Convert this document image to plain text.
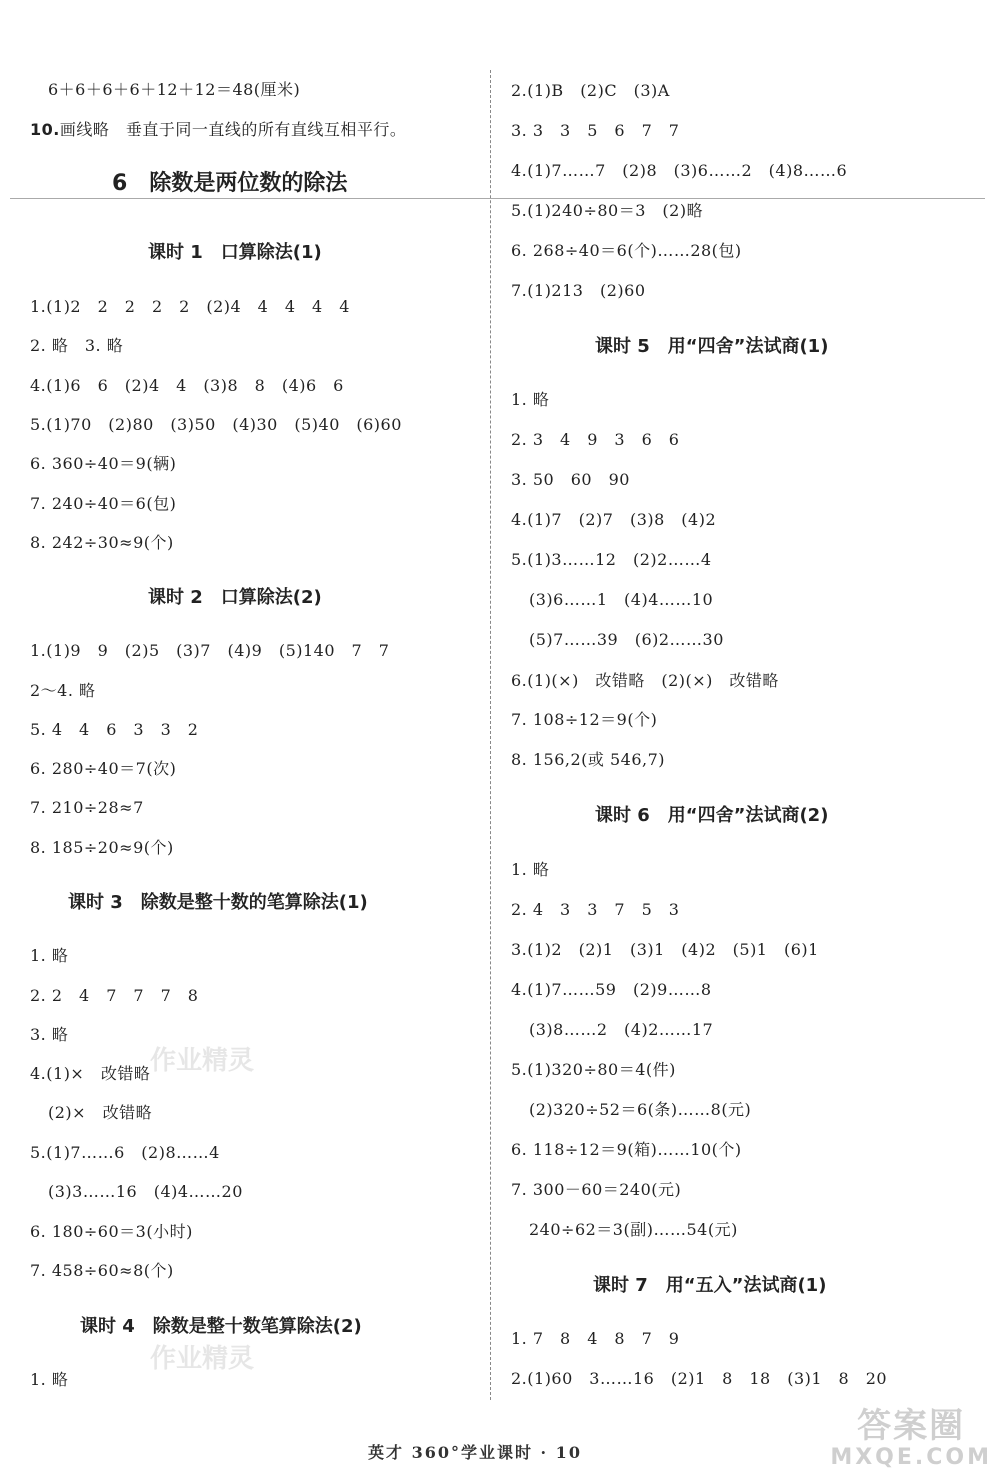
6＋6＋6＋6＋12＋12＝48(厘米)
10.画线略　垂直于同一直线的所有直线互相平行。
6 除数是两位数的除法
课时 1　口算除法(1)
1.(1)2　2　2　2　2　(2)4　4　4　4　4
2. 略　3. 略
4.(1)6　6　(2)4　4　(3)8　8　(4)6　6
5.(1)70　(2)80　(3)50　(4)30　(5)40　(6)60
6. 360÷40＝9(辆)
7. 240÷40＝6(包)
8. 242÷30≈9(个)
课时 2　口算除法(2)
1.(1)9　9　(2)5　(3)7　(4)9　(5)140　7　7
2～4. 略
5. 4　4　6　3　3　2
6. 280÷40＝7(次)
7. 210÷28≈7
8. 185÷20≈9(个)
课时 3　除数是整十数的笔算除法(1)
1. 略
2. 2　4　7　7　7　8
3. 略
4.(1)×　改错略
(2)×　改错略
5.(1)7……6　(2)8……4
(3)3……16　(4)4……20
6. 180÷60＝3(小时)
7. 458÷60≈8(个)
课时 4　除数是整十数笔算除法(2)
1. 略
2.(1)B　(2)C　(3)A
3. 3　3　5　6　7　7
4.(1)7……7　(2)8　(3)6……2　(4)8……6
5.(1)240÷80＝3　(2)略
6. 268÷40＝6(个)……28(包)
7.(1)213　(2)60
课时 5　用“四舍”法试商(1)
1. 略
2. 3　4　9　3　6　6
3. 50　60　90
4.(1)7　(2)7　(3)8　(4)2
5.(1)3……12　(2)2……4
(3)6……1　(4)4……10
(5)7……39　(6)2……30
6.(1)(×)　改错略　(2)(×)　改错略
7. 108÷12＝9(个)
8. 156,2(或 546,7)
课时 6　用“四舍”法试商(2)
1. 略
2. 4　3　3　7　5　3
3.(1)2　(2)1　(3)1　(4)2　(5)1　(6)1
4.(1)7……59　(2)9……8
(3)8……2　(4)2……17
5.(1)320÷80＝4(件)
(2)320÷52＝6(条)……8(元)
6. 118÷12＝9(箱)……10(个)
7. 300－60＝240(元)
240÷62＝3(副)……54(元)
课时 7　用“五入”法试商(1)
1. 7　8　4　8　7　9
2.(1)60　3……16　(2)1　8　18　(3)1　8　20
作业精灵
作业精灵
英才 360°学业课时 · 10
答案圈
MXQE.COM
